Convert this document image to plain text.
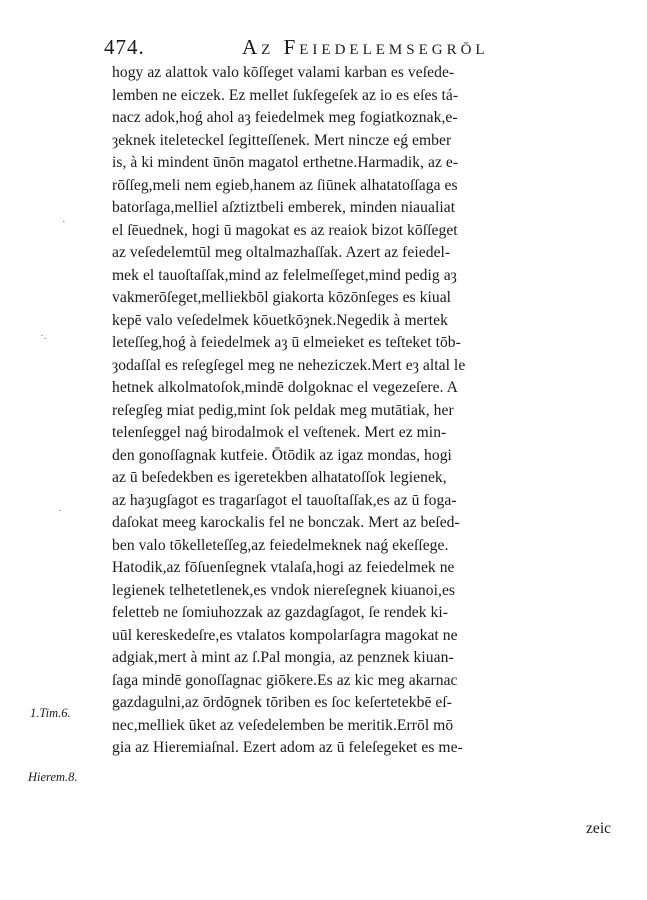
474.	Az Feiedelemsegrōl
hogy az alattok valo kōſſeget valami karban es veſede-
lemben ne eiczek. Ez mellet ſukſegeſek az io es eſes tá-
nacz adok,hoǵ ahol aȝ feiedelmek meg fogiatkoznak,e-
ȝeknek iteleteckel ſegitteſſenek. Mert nincze eǵ ember
is, à ki mindent ūnōn magatol erthetne.Harmadik, az e-
rōſſeg,meli nem egieb,hanem az ſiūnek alhatatoſſaga es
batorſaga,melliel aſztiztbeli emberek, minden niaualiat
el ſēuednek, hogi ū magokat es az reaiok bizot kōſſeget
az veſedelemtūl meg oltalmazhaſſak. Azert az feiedel-
mek el tauoſtaſſak,mind az felelmeſſeget,mind pedig aȝ
vakmerōſeget,melliekbōl giakorta kōzōnſeges es kiual
kepē valo veſedelmek kōuetkōȝnek.Negedik à mertek
leteſſeg,hoǵ à feiedelmek aȝ ū elmeieket es teſteket tōb-
ȝodaſſal es reſegſegel meg ne neheziczek.Mert eȝ altal le
hetnek alkolmatoſok,mindē dolgoknac el vegezeſere. A
reſegſeg miat pedig,mint ſok peldak meg mutātiak, her
telenſeggel naǵ birodalmok el veſtenek. Mert ez min-
den gonoſſagnak kutfeie. Ōtōdik az igaz mondas, hogi
az ū beſedekben es igeretekben alhatatoſſok legienek,
az haȝugſagot es tragarſagot el tauoſtaſſak,es az ū foga-
daſokat meeg karockalis fel ne bonczak. Mert az beſed-
ben valo tōkelleteſſeg,az feiedelmeknek naǵ ekeſſege.
Hatodik,az fōſuenſegnek vtalaſa,hogi az feiedelmek ne
legienek telhetetlenek,es vndok niereſegnek kiuanoi,es
feletteb ne ſomiuhozzak az gazdagſagot, ſe rendek ki-
uūl kereskedeſre,es vtalatos kompolarſagra magokat ne
adgiak,mert à mint az ſ.Pal mongia, az penznek kiuan-
ſaga mindē gonoſſagnac giōkere.Es az kic meg akarnac
gazdagulni,az ōrdōgnek tōriben es ſoc keſertetekbē eſ-
nec,melliek ūket az veſedelemben be meritik.Errōl mō
gia az Hieremiaſnal. Ezert adom az ū feleſegeket es me-
1.Tim.6.
Hierem.8.
zeic
·.
·
·
